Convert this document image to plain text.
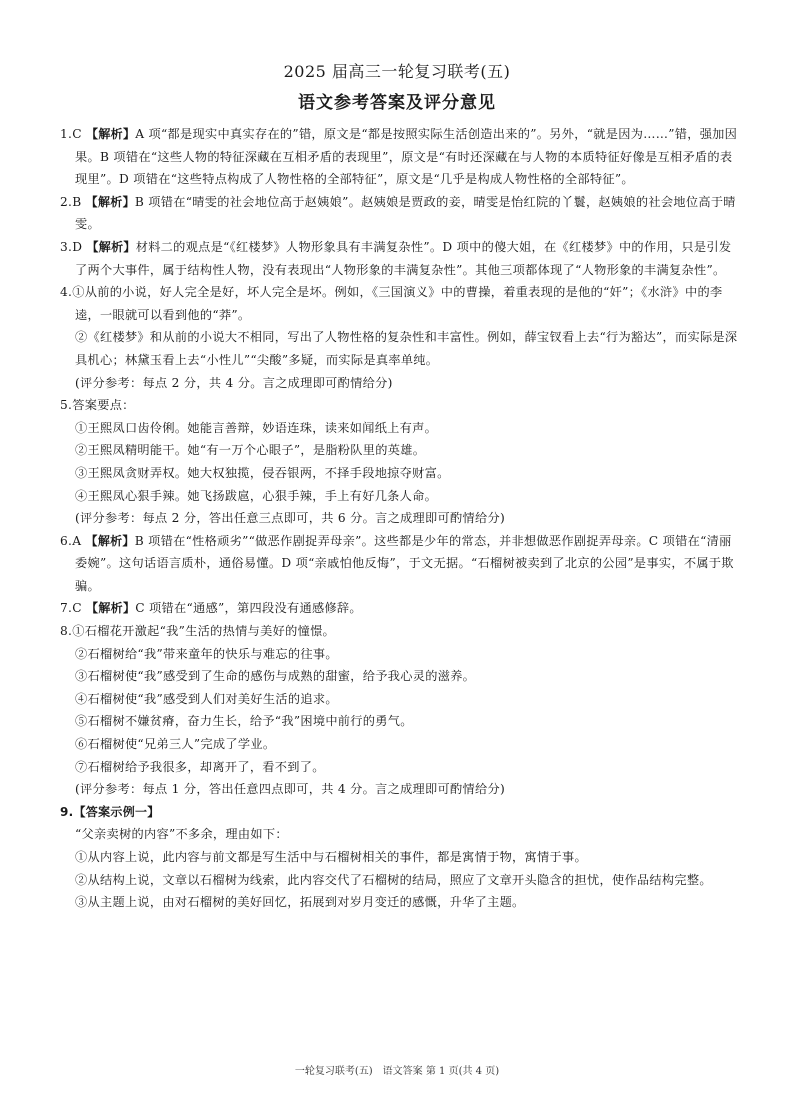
2025 届高三一轮复习联考(五)
语文参考答案及评分意见

1.C 【解析】A 项“都是现实中真实存在的”错，原文是“都是按照实际生活创造出来的”。另外，“就是因为……”错，强加因果。B 项错在“这些人物的特征深藏在互相矛盾的表现里”，原文是“有时还深藏在与人物的本质特征好像是互相矛盾的表现里”。D 项错在“这些特点构成了人物性格的全部特征”，原文是“几乎是构成人物性格的全部特征”。

2.B 【解析】B 项错在“晴雯的社会地位高于赵姨娘”。赵姨娘是贾政的妾，晴雯是怡红院的丫鬟，赵姨娘的社会地位高于晴雯。

3.D 【解析】材料二的观点是“《红楼梦》人物形象具有丰满复杂性”。D 项中的傻大姐，在《红楼梦》中的作用，只是引发了两个大事件，属于结构性人物，没有表现出“人物形象的丰满复杂性”。其他三项都体现了“人物形象的丰满复杂性”。

4.①从前的小说，好人完全是好，坏人完全是坏。例如，《三国演义》中的曹操，着重表现的是他的“奸”；《水浒》中的李逵，一眼就可以看到他的“莽”。

②《红楼梦》和从前的小说大不相同，写出了人物性格的复杂性和丰富性。例如，薛宝钗看上去“行为豁达”，而实际是深具机心；林黛玉看上去“小性儿”“尖酸”多疑，而实际是真率单纯。

(评分参考：每点 2 分，共 4 分。言之成理即可酌情给分)

5.答案要点：

①王熙凤口齿伶俐。她能言善辩，妙语连珠，读来如闻纸上有声。

②王熙凤精明能干。她“有一万个心眼子”，是脂粉队里的英雄。

③王熙凤贪财弄权。她大权独揽，侵吞银两，不择手段地掠夺财富。

④王熙凤心狠手辣。她飞扬跋扈，心狠手辣，手上有好几条人命。

(评分参考：每点 2 分，答出任意三点即可，共 6 分。言之成理即可酌情给分)

6.A 【解析】B 项错在“性格顽劣”“做恶作剧捉弄母亲”。这些都是少年的常态，并非想做恶作剧捉弄母亲。C 项错在“清丽委婉”。这句话语言质朴，通俗易懂。D 项“亲戚怕他反悔”，于文无据。“石榴树被卖到了北京的公园”是事实，不属于欺骗。

7.C 【解析】C 项错在“通感”，第四段没有通感修辞。

8.①石榴花开激起“我”生活的热情与美好的憧憬。

②石榴树给“我”带来童年的快乐与难忘的往事。

③石榴树使“我”感受到了生命的感伤与成熟的甜蜜，给予我心灵的滋养。

④石榴树使“我”感受到人们对美好生活的追求。

⑤石榴树不嫌贫瘠，奋力生长，给予“我”困境中前行的勇气。

⑥石榴树使“兄弟三人”完成了学业。

⑦石榴树给予我很多，却离开了，看不到了。

(评分参考：每点 1 分，答出任意四点即可，共 4 分。言之成理即可酌情给分)

9.【答案示例一】

“父亲卖树的内容”不多余，理由如下：

①从内容上说，此内容与前文都是写生活中与石榴树相关的事件，都是寓情于物，寓情于事。

②从结构上说，文章以石榴树为线索，此内容交代了石榴树的结局，照应了文章开头隐含的担忧，使作品结构完整。

③从主题上说，由对石榴树的美好回忆，拓展到对岁月变迁的感慨，升华了主题。

一轮复习联考(五)　语文答案 第 1 页(共 4 页)
